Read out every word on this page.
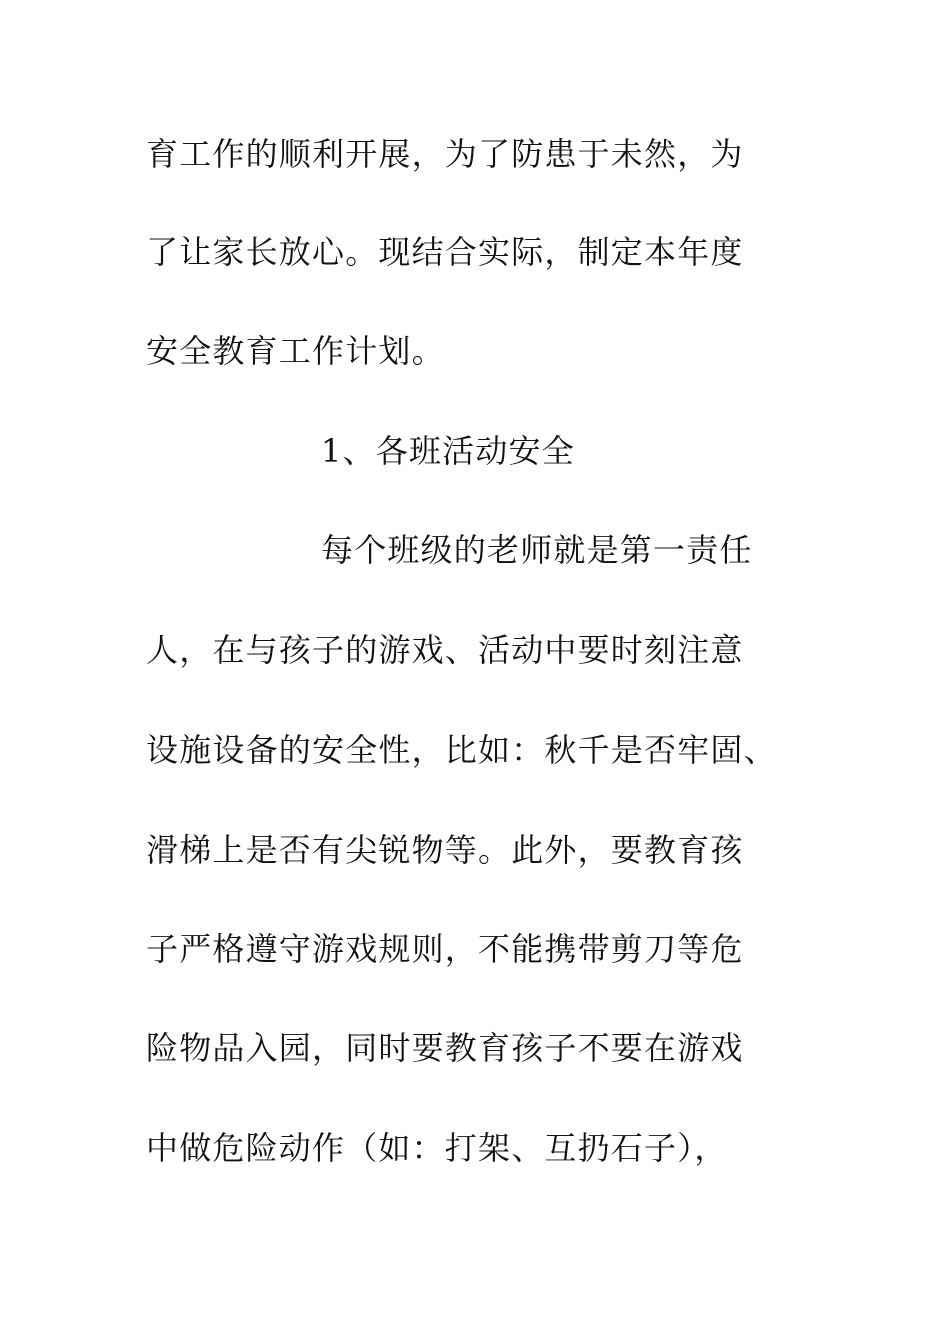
育工作的顺利开展，为了防患于未然，为
了让家长放心。现结合实际，制定本年度
安全教育工作计划。
1、各班活动安全
每个班级的老师就是第一责任
人，在与孩子的游戏、活动中要时刻注意
设施设备的安全性，比如：秋千是否牢固、
滑梯上是否有尖锐物等。此外，要教育孩
子严格遵守游戏规则，不能携带剪刀等危
险物品入园，同时要教育孩子不要在游戏
中做危险动作（如：打架、互扔石子），
